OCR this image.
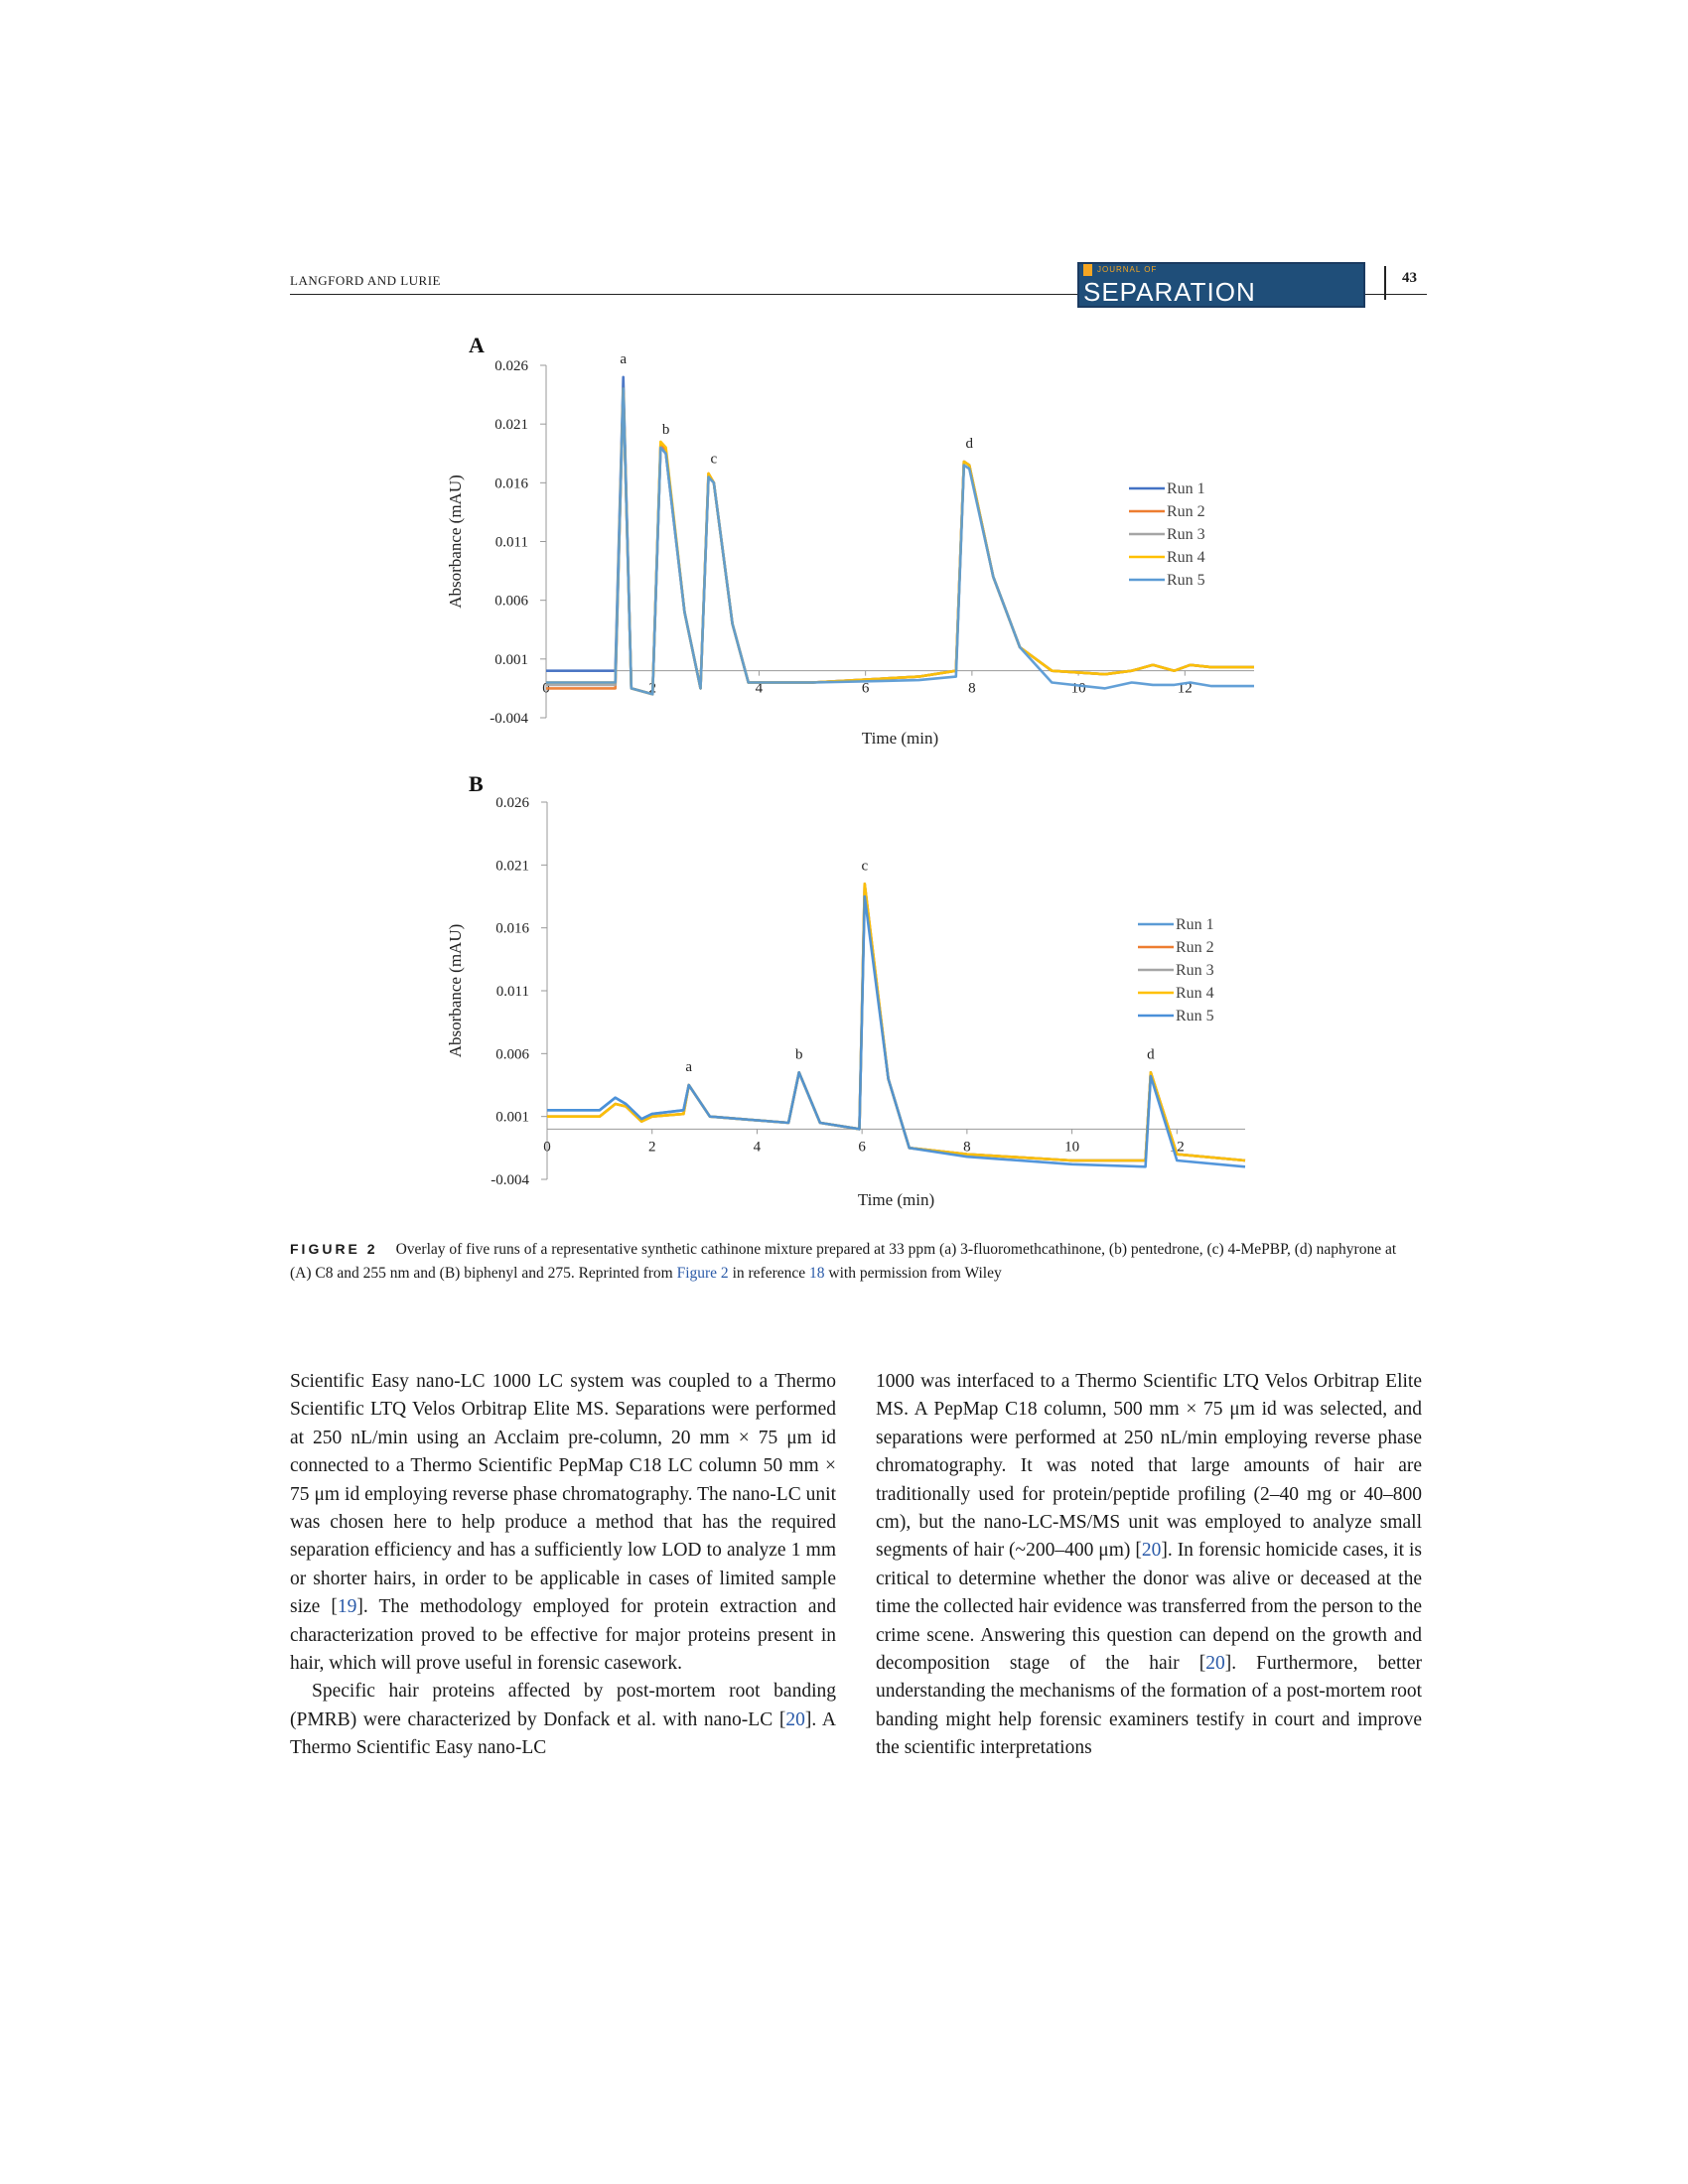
LANGFORD AND LURIE
JOURNAL OF
SEPARATION SCIENCE
43
A
0.026
0.021
0.016
0.011
0.006
0.001
-0.004
0	2	4	6	8	10	12
Time (min)
Absorbance (mAU)
a
b
c
d
Run 1
Run 2
Run 3
Run 4
Run 5
B
0.026
0.021
0.016
0.011
0.006
0.001
-0.004
0	2	4	6	8	10	12
Time (min)
Absorbance (mAU)
a
b
c
d
Run 1
Run 2
Run 3
Run 4
Run 5
FIGURE 2 Overlay of five runs of a representative synthetic cathinone mixture prepared at 33 ppm (a) 3-fluoromethcathinone, (b) pentedrone, (c) 4-MePBP, (d) naphyrone at (A) C8 and 255 nm and (B) biphenyl and 275. Reprinted from Figure 2 in reference 18 with permission from Wiley

Scientific Easy nano-LC 1000 LC system was coupled to a Thermo Scientific LTQ Velos Orbitrap Elite MS. Separations were performed at 250 nL/min using an Acclaim pre-column, 20 mm × 75 μm id connected to a Thermo Scientific PepMap C18 LC column 50 mm × 75 μm id employing reverse phase chromatography. The nano-LC unit was chosen here to help produce a method that has the required separation efficiency and has a sufficiently low LOD to analyze 1 mm or shorter hairs, in order to be applicable in cases of limited sample size [19]. The methodology employed for protein extraction and characterization proved to be effective for major proteins present in hair, which will prove useful in forensic casework.

Specific hair proteins affected by post-mortem root banding (PMRB) were characterized by Donfack et al. with nano-LC [20]. A Thermo Scientific Easy nano-LC

1000 was interfaced to a Thermo Scientific LTQ Velos Orbitrap Elite MS. A PepMap C18 column, 500 mm × 75 μm id was selected, and separations were performed at 250 nL/min employing reverse phase chromatography. It was noted that large amounts of hair are traditionally used for protein/peptide profiling (2–40 mg or 40–800 cm), but the nano-LC-MS/MS unit was employed to analyze small segments of hair (~200–400 μm) [20]. In forensic homicide cases, it is critical to determine whether the donor was alive or deceased at the time the collected hair evidence was transferred from the person to the crime scene. Answering this question can depend on the growth and decomposition stage of the hair [20]. Furthermore, better understanding the mechanisms of the formation of a post-mortem root banding might help forensic examiners testify in court and improve the scientific interpretations
